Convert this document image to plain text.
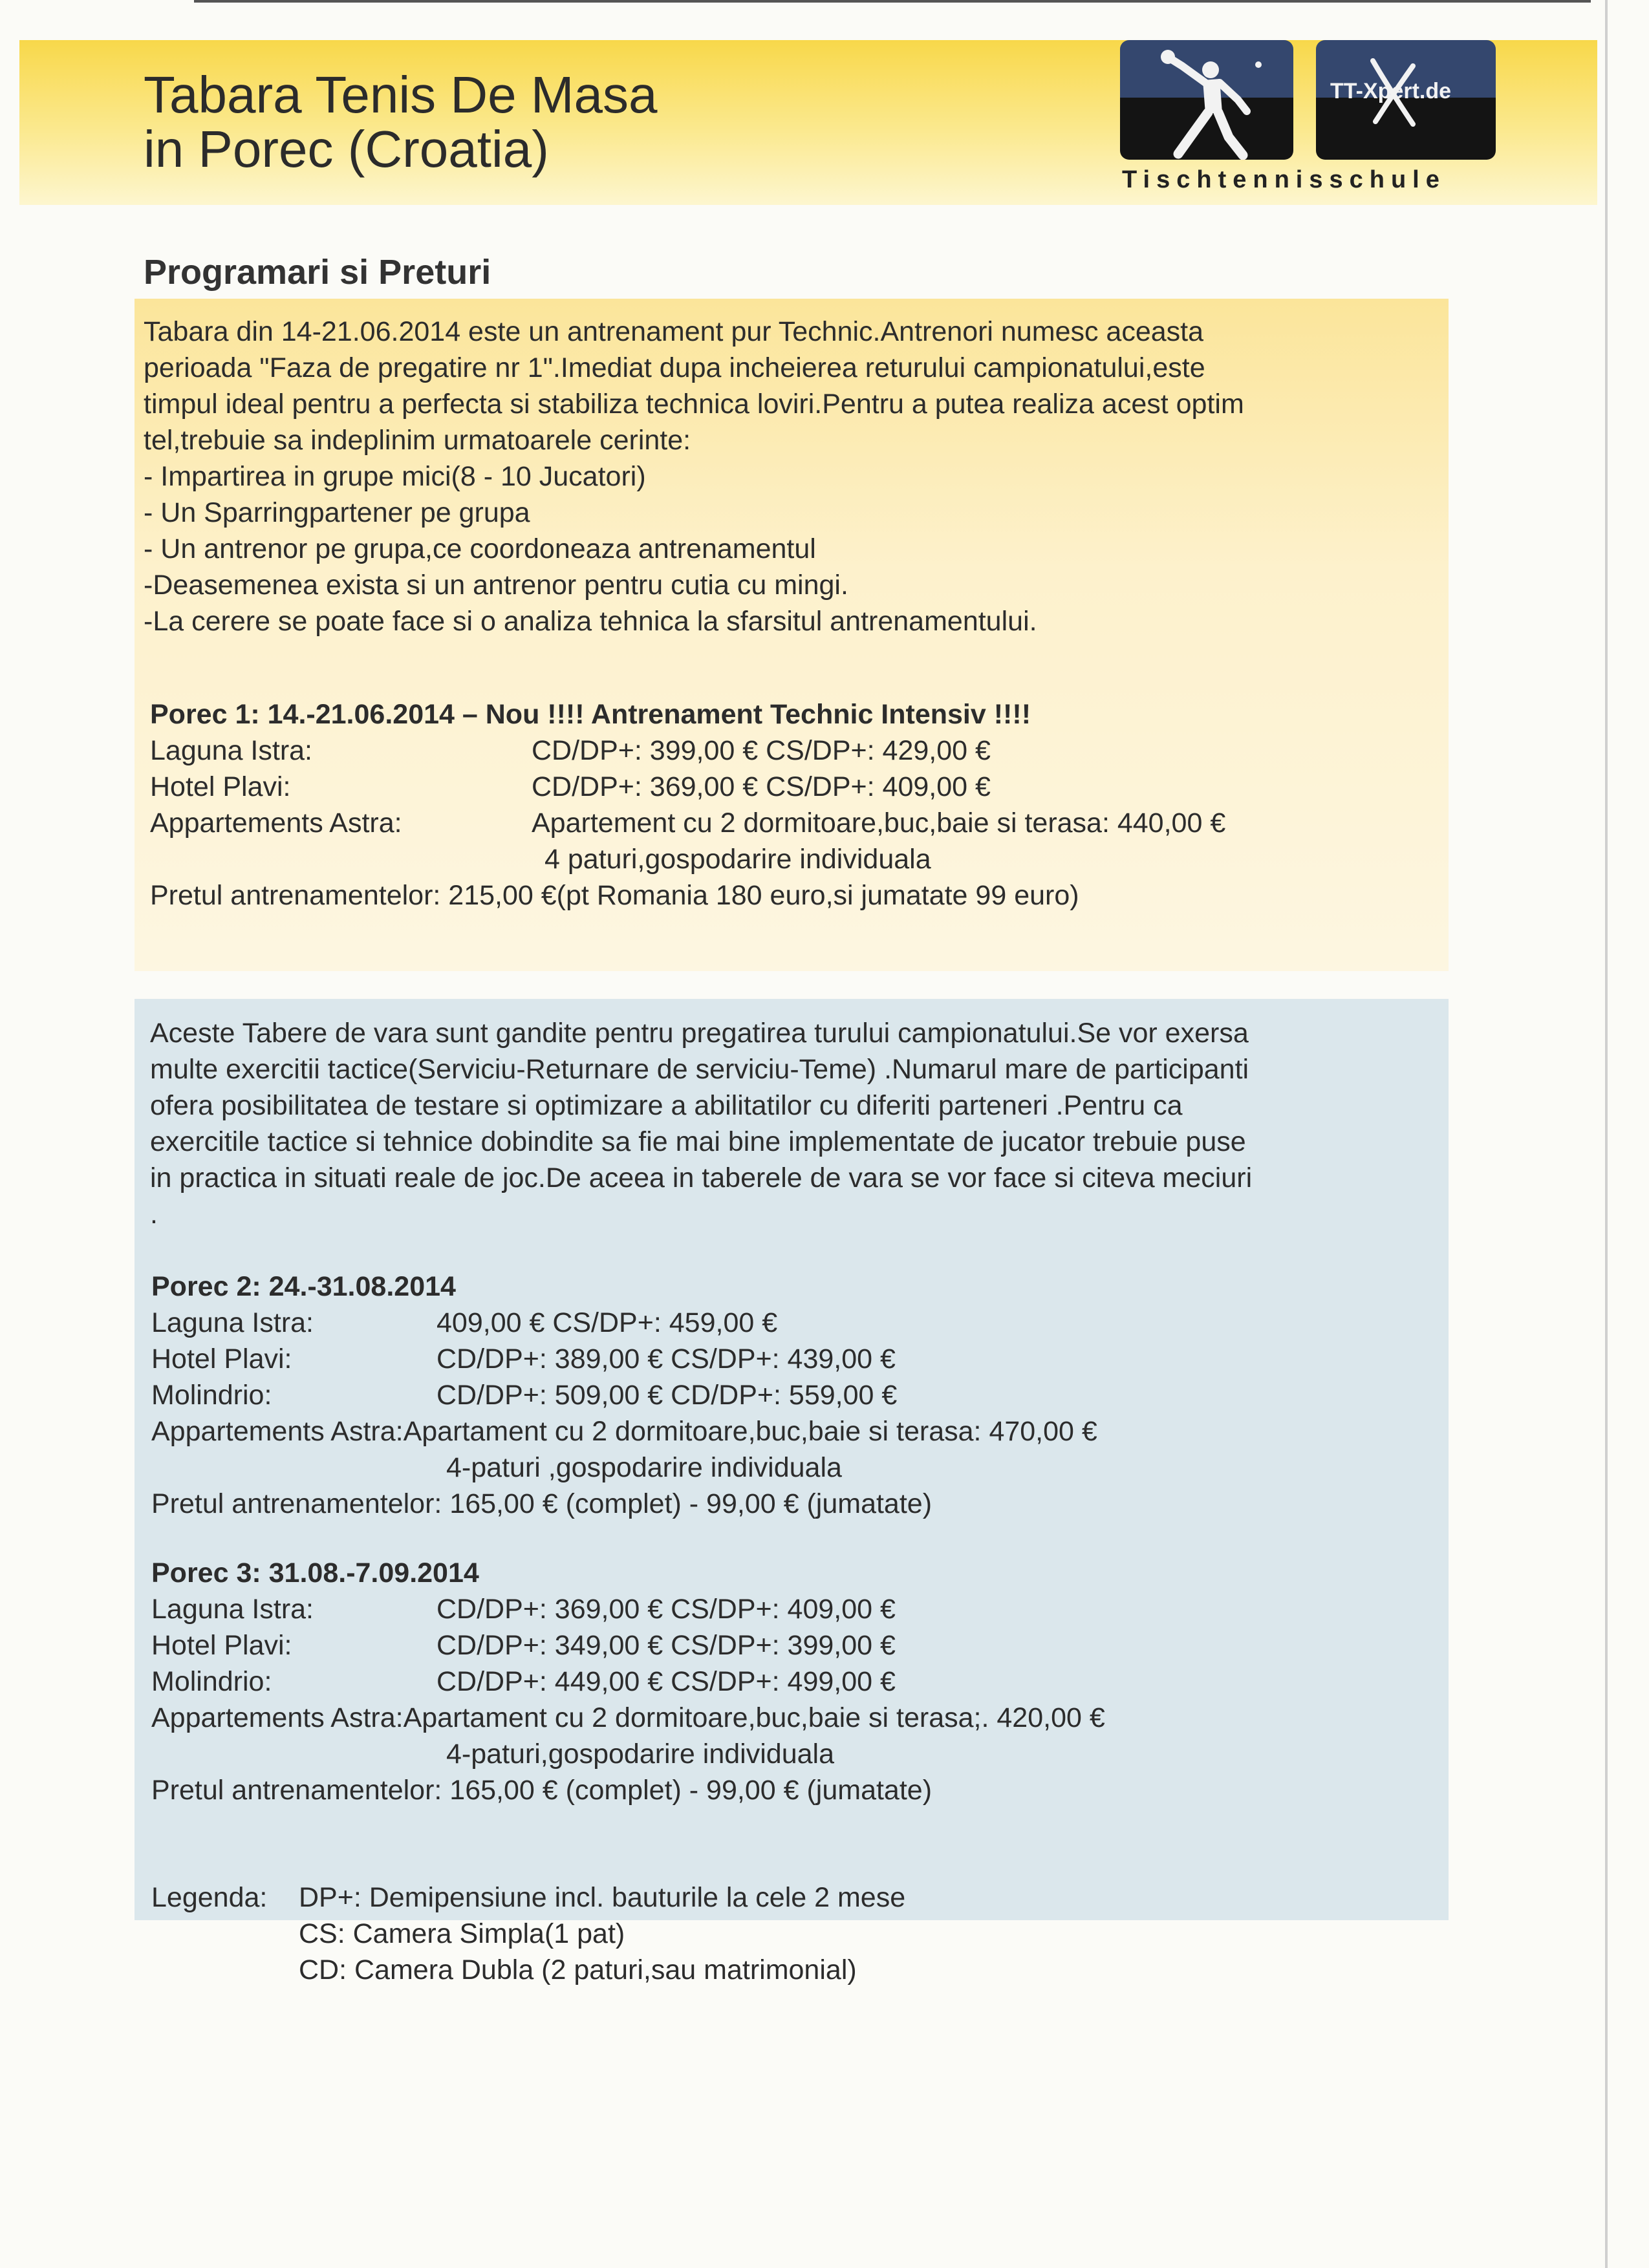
Tabara Tenis De Masa
in Porec (Croatia)

Tischtennisschule

Programari si Preturi

Tabara din 14-21.06.2014 este un antrenament pur Technic.Antrenori numesc aceasta

perioada "Faza de pregatire nr 1".Imediat dupa incheierea returului campionatului,este

timpul ideal pentru a perfecta si stabiliza technica loviri.Pentru a putea realiza acest optim

tel,trebuie sa indeplinim urmatoarele cerinte:

- Impartirea in grupe mici(8 - 10 Jucatori)

- Un Sparringpartener pe grupa

- Un antrenor pe grupa,ce coordoneaza antrenamentul

-Deasemenea exista si un antrenor pentru cutia cu mingi.

-La cerere se poate face si o analiza tehnica la sfarsitul antrenamentului.

Porec 1: 14.-21.06.2014 – Nou !!!! Antrenament Technic Intensiv !!!!

Laguna Istra:	CD/DP+: 399,00 € CS/DP+: 429,00 €

Hotel Plavi:	CD/DP+: 369,00 € CS/DP+: 409,00 €

Appartements Astra:	Apartement cu 2 dormitoare,buc,baie si terasa: 440,00 €

4 paturi,gospodarire individuala

Pretul antrenamentelor: 215,00 €(pt Romania 180 euro,si jumatate 99 euro)

Aceste Tabere de vara sunt gandite pentru pregatirea turului campionatului.Se vor exersa

multe exercitii tactice(Serviciu-Returnare de serviciu-Teme) .Numarul mare de participanti

ofera posibilitatea de testare si optimizare a abilitatilor cu diferiti parteneri .Pentru ca

exercitile tactice si tehnice dobindite sa fie mai bine implementate de jucator trebuie puse

in practica in situati reale de joc.De aceea in taberele de vara se vor face si citeva meciuri

.

Porec 2: 24.-31.08.2014

Laguna Istra:	409,00 € CS/DP+: 459,00 €

Hotel Plavi:	CD/DP+: 389,00 € CS/DP+: 439,00 €

Molindrio:	CD/DP+: 509,00 € CD/DP+: 559,00 €

Appartements Astra:Apartament cu 2 dormitoare,buc,baie si terasa: 470,00 €

4-paturi ,gospodarire individuala

Pretul antrenamentelor: 165,00 € (complet) - 99,00 € (jumatate)

Porec 3: 31.08.-7.09.2014

Laguna Istra:	CD/DP+: 369,00 € CS/DP+: 409,00 €

Hotel Plavi:	CD/DP+: 349,00 € CS/DP+: 399,00 €

Molindrio:	CD/DP+: 449,00 € CS/DP+: 499,00 €

Appartements Astra:Apartament cu 2 dormitoare,buc,baie si terasa;. 420,00 €

4-paturi,gospodarire individuala

Pretul antrenamentelor: 165,00 € (complet) - 99,00 € (jumatate)

Legenda: DP+: Demipensiune incl. bauturile la cele 2 mese

CS: Camera Simpla(1 pat)

CD: Camera Dubla (2 paturi,sau matrimonial)

TT-Xpert.de
